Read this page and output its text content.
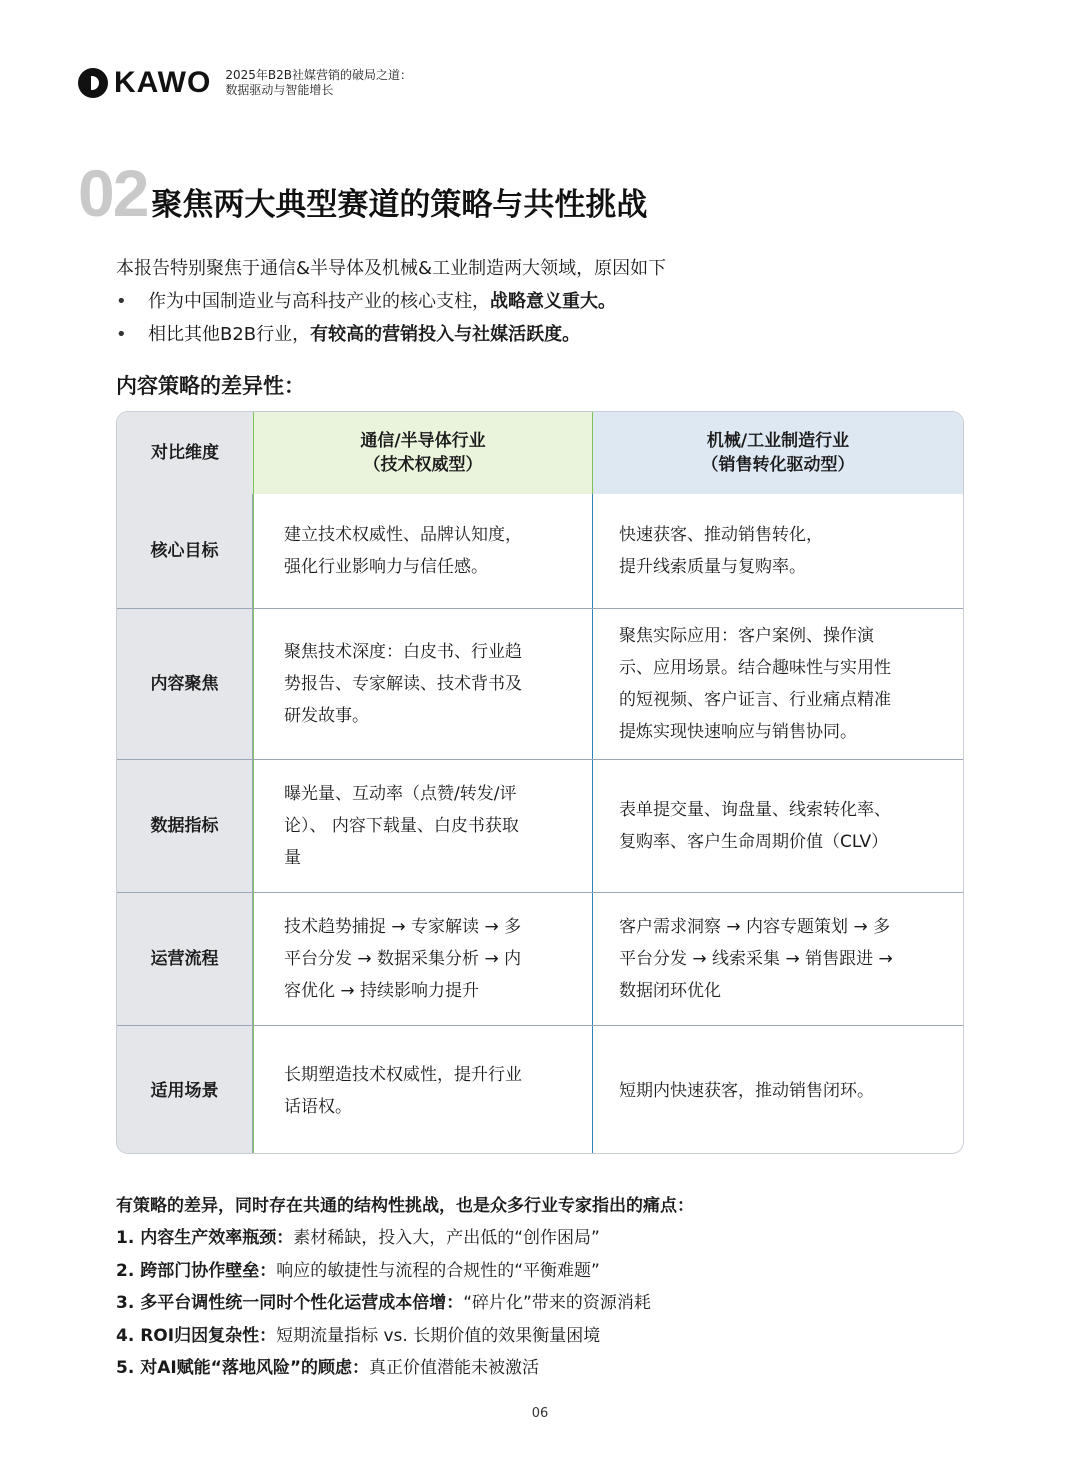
KAWO 2025年B2B社媒营销的破局之道：
数据驱动与智能增长
02 聚焦两大典型赛道的策略与共性挑战
本报告特别聚焦于通信&半导体及机械&工业制造两大领域，原因如下
•	作为中国制造业与高科技产业的核心支柱，战略意义重大。
•	相比其他B2B行业，有较高的营销投入与社媒活跃度。
内容策略的差异性：
对比维度
通信/半导体行业
（技术权威型）
机械/工业制造行业
（销售转化驱动型）
核心目标
建立技术权威性、品牌认知度，
强化行业影响力与信任感。
快速获客、推动销售转化，
提升线索质量与复购率。
内容聚焦
聚焦技术深度：白皮书、行业趋
势报告、专家解读、技术背书及
研发故事。
聚焦实际应用：客户案例、操作演
示、应用场景。结合趣味性与实用性
的短视频、客户证言、行业痛点精准
提炼实现快速响应与销售协同。
数据指标
曝光量、互动率（点赞/转发/评
论）、 内容下载量、白皮书获取
量
表单提交量、询盘量、线索转化率、
复购率、客户生命周期价值（CLV）
运营流程
技术趋势捕捉 → 专家解读 → 多
平台分发 → 数据采集分析 → 内
容优化 → 持续影响力提升
客户需求洞察 → 内容专题策划 → 多
平台分发 → 线索采集 → 销售跟进 →
数据闭环优化
适用场景
长期塑造技术权威性，提升行业
话语权。
短期内快速获客，推动销售闭环。
有策略的差异，同时存在共通的结构性挑战，也是众多行业专家指出的痛点：
1. 内容生产效率瓶颈：素材稀缺，投入大，产出低的“创作困局”
2. 跨部门协作壁垒：响应的敏捷性与流程的合规性的“平衡难题”
3. 多平台调性统一同时个性化运营成本倍增：“碎片化”带来的资源消耗
4. ROI归因复杂性：短期流量指标 vs. 长期价值的效果衡量困境
5. 对AI赋能“落地风险”的顾虑：真正价值潜能未被激活
06
